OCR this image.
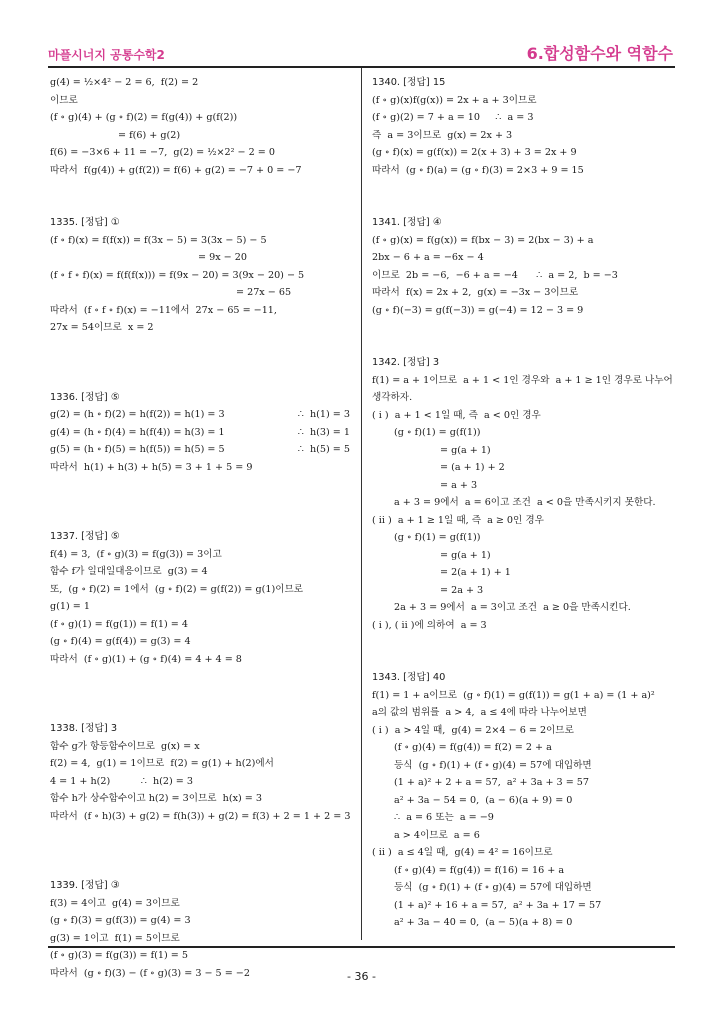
마플시너지 공통수학2	6.합성함수와 역함수
g(4) = ½×4² − 2 = 6,  f(2) = 2
이므로
(f ∘ g)(4) + (g ∘ f)(2) = f(g(4)) + g(f(2))
= f(6) + g(2)
f(6) = −3×6 + 11 = −7,  g(2) = ½×2² − 2 = 0
따라서  f(g(4)) + g(f(2)) = f(6) + g(2) = −7 + 0 = −7
1335. [정답] ①
(f ∘ f)(x) = f(f(x)) = f(3x − 5) = 3(3x − 5) − 5
= 9x − 20
(f ∘ f ∘ f)(x) = f(f(f(x))) = f(9x − 20) = 3(9x − 20) − 5
= 27x − 65
따라서  (f ∘ f ∘ f)(x) = −11에서  27x − 65 = −11,
27x = 54이므로  x = 2
1336. [정답] ⑤
g(2) = (h ∘ f)(2) = h(f(2)) = h(1) = 3	∴  h(1) = 3
g(4) = (h ∘ f)(4) = h(f(4)) = h(3) = 1	∴  h(3) = 1
g(5) = (h ∘ f)(5) = h(f(5)) = h(5) = 5	∴  h(5) = 5
따라서  h(1) + h(3) + h(5) = 3 + 1 + 5 = 9
1337. [정답] ⑤
f(4) = 3,  (f ∘ g)(3) = f(g(3)) = 3이고
함수 f가 일대일대응이므로  g(3) = 4
또,  (g ∘ f)(2) = 1에서  (g ∘ f)(2) = g(f(2)) = g(1)이므로
g(1) = 1
(f ∘ g)(1) = f(g(1)) = f(1) = 4
(g ∘ f)(4) = g(f(4)) = g(3) = 4
따라서  (f ∘ g)(1) + (g ∘ f)(4) = 4 + 4 = 8
1338. [정답] 3
함수 g가 항등함수이므로  g(x) = x
f(2) = 4,  g(1) = 1이므로  f(2) = g(1) + h(2)에서
4 = 1 + h(2)          ∴  h(2) = 3
함수 h가 상수함수이고 h(2) = 3이므로  h(x) = 3
따라서  (f ∘ h)(3) + g(2) = f(h(3)) + g(2) = f(3) + 2 = 1 + 2 = 3
1339. [정답] ③
f(3) = 4이고  g(4) = 3이므로
(g ∘ f)(3) = g(f(3)) = g(4) = 3
g(3) = 1이고  f(1) = 5이므로
(f ∘ g)(3) = f(g(3)) = f(1) = 5
따라서  (g ∘ f)(3) − (f ∘ g)(3) = 3 − 5 = −2
1340. [정답] 15
(f ∘ g)(x)f(g(x)) = 2x + a + 3이므로
(f ∘ g)(2) = 7 + a = 10     ∴  a = 3
즉  a = 3이므로  g(x) = 2x + 3
(g ∘ f)(x) = g(f(x)) = 2(x + 3) + 3 = 2x + 9
따라서  (g ∘ f)(a) = (g ∘ f)(3) = 2×3 + 9 = 15
1341. [정답] ④
(f ∘ g)(x) = f(g(x)) = f(bx − 3) = 2(bx − 3) + a
2bx − 6 + a = −6x − 4
이므로  2b = −6,  −6 + a = −4      ∴  a = 2,  b = −3
따라서  f(x) = 2x + 2,  g(x) = −3x − 3이므로
(g ∘ f)(−3) = g(f(−3)) = g(−4) = 12 − 3 = 9
1342. [정답] 3
f(1) = a + 1이므로  a + 1 < 1인 경우와  a + 1 ≥ 1인 경우로 나누어
생각하자.
( i )  a + 1 < 1일 때, 즉  a < 0인 경우
(g ∘ f)(1) = g(f(1))
= g(a + 1)
= (a + 1) + 2
= a + 3
a + 3 = 9에서  a = 6이고 조건  a < 0을 만족시키지 못한다.
( ii )  a + 1 ≥ 1일 때, 즉  a ≥ 0인 경우
(g ∘ f)(1) = g(f(1))
= g(a + 1)
= 2(a + 1) + 1
= 2a + 3
2a + 3 = 9에서  a = 3이고 조건  a ≥ 0을 만족시킨다.
( i ), ( ii )에 의하여  a = 3
1343. [정답] 40
f(1) = 1 + a이므로  (g ∘ f)(1) = g(f(1)) = g(1 + a) = (1 + a)²
a의 값의 범위를  a > 4,  a ≤ 4에 따라 나누어보면
( i )  a > 4일 때,  g(4) = 2×4 − 6 = 2이므로
(f ∘ g)(4) = f(g(4)) = f(2) = 2 + a
등식  (g ∘ f)(1) + (f ∘ g)(4) = 57에 대입하면
(1 + a)² + 2 + a = 57,  a² + 3a + 3 = 57
a² + 3a − 54 = 0,  (a − 6)(a + 9) = 0
∴  a = 6 또는  a = −9
a > 4이므로  a = 6
( ii )  a ≤ 4일 때,  g(4) = 4² = 16이므로
(f ∘ g)(4) = f(g(4)) = f(16) = 16 + a
등식  (g ∘ f)(1) + (f ∘ g)(4) = 57에 대입하면
(1 + a)² + 16 + a = 57,  a² + 3a + 17 = 57
a² + 3a − 40 = 0,  (a − 5)(a + 8) = 0
- 36 -
